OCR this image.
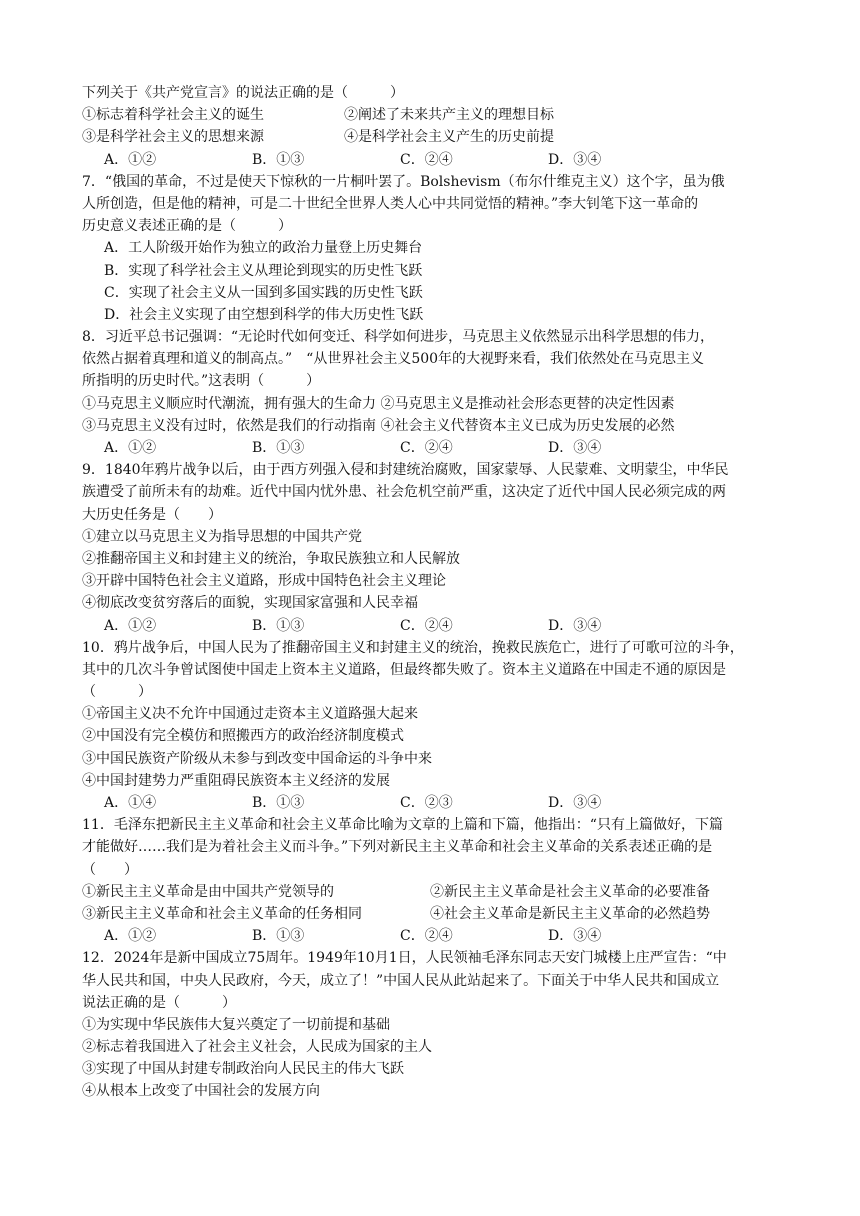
下列关于《共产党宣言》的说法正确的是（　　　）
①标志着科学社会主义的诞生	②阐述了未来共产主义的理想目标
③是科学社会主义的思想来源	④是科学社会主义产生的历史前提
A．①②	B．①③	C．②④	D．③④
7．“俄国的革命，不过是使天下惊秋的一片桐叶罢了。Bolshevism（布尔什维克主义）这个字，虽为俄
人所创造，但是他的精神，可是二十世纪全世界人类人心中共同觉悟的精神。”李大钊笔下这一革命的
历史意义表述正确的是（　　　）
A．工人阶级开始作为独立的政治力量登上历史舞台
B．实现了科学社会主义从理论到现实的历史性飞跃
C．实现了社会主义从一国到多国实践的历史性飞跃
D．社会主义实现了由空想到科学的伟大历史性飞跃
8．习近平总书记强调：“无论时代如何变迁、科学如何进步，马克思主义依然显示出科学思想的伟力，
依然占据着真理和道义的制高点。”　“从世界社会主义500年的大视野来看，我们依然处在马克思主义
所指明的历史时代。”这表明（　　　）
①马克思主义顺应时代潮流，拥有强大的生命力 ②马克思主义是推动社会形态更替的决定性因素
③马克思主义没有过时，依然是我们的行动指南 ④社会主义代替资本主义已成为历史发展的必然
A．①②	B．①③	C．②④	D．③④
9．1840年鸦片战争以后，由于西方列强入侵和封建统治腐败，国家蒙辱、人民蒙难、文明蒙尘，中华民
族遭受了前所未有的劫难。近代中国内忧外患、社会危机空前严重，这决定了近代中国人民必须完成的两
大历史任务是（　　）
①建立以马克思主义为指导思想的中国共产党
②推翻帝国主义和封建主义的统治，争取民族独立和人民解放
③开辟中国特色社会主义道路，形成中国特色社会主义理论
④彻底改变贫穷落后的面貌，实现国家富强和人民幸福
A．①②	B．①③	C．②④	D．③④
10．鸦片战争后，中国人民为了推翻帝国主义和封建主义的统治，挽救民族危亡，进行了可歌可泣的斗争，
其中的几次斗争曾试图使中国走上资本主义道路，但最终都失败了。资本主义道路在中国走不通的原因是
（　　　）
①帝国主义决不允许中国通过走资本主义道路强大起来
②中国没有完全模仿和照搬西方的政治经济制度模式
③中国民族资产阶级从未参与到改变中国命运的斗争中来
④中国封建势力严重阻碍民族资本主义经济的发展
A．①④	B．①③	C．②③	D．③④
11．毛泽东把新民主主义革命和社会主义革命比喻为文章的上篇和下篇，他指出：“只有上篇做好，下篇
才能做好……我们是为着社会主义而斗争。”下列对新民主主义革命和社会主义革命的关系表述正确的是
（　　）
①新民主主义革命是由中国共产党领导的	②新民主主义革命是社会主义革命的必要准备
③新民主主义革命和社会主义革命的任务相同	④社会主义革命是新民主主义革命的必然趋势
A．①②	B．①③	C．②④	D．③④
12．2024年是新中国成立75周年。1949年10月1日，人民领袖毛泽东同志天安门城楼上庄严宣告：“中
华人民共和国，中央人民政府，今天，成立了！”中国人民从此站起来了。下面关于中华人民共和国成立
说法正确的是（　　　）
①为实现中华民族伟大复兴奠定了一切前提和基础
②标志着我国进入了社会主义社会，人民成为国家的主人
③实现了中国从封建专制政治向人民民主的伟大飞跃
④从根本上改变了中国社会的发展方向
